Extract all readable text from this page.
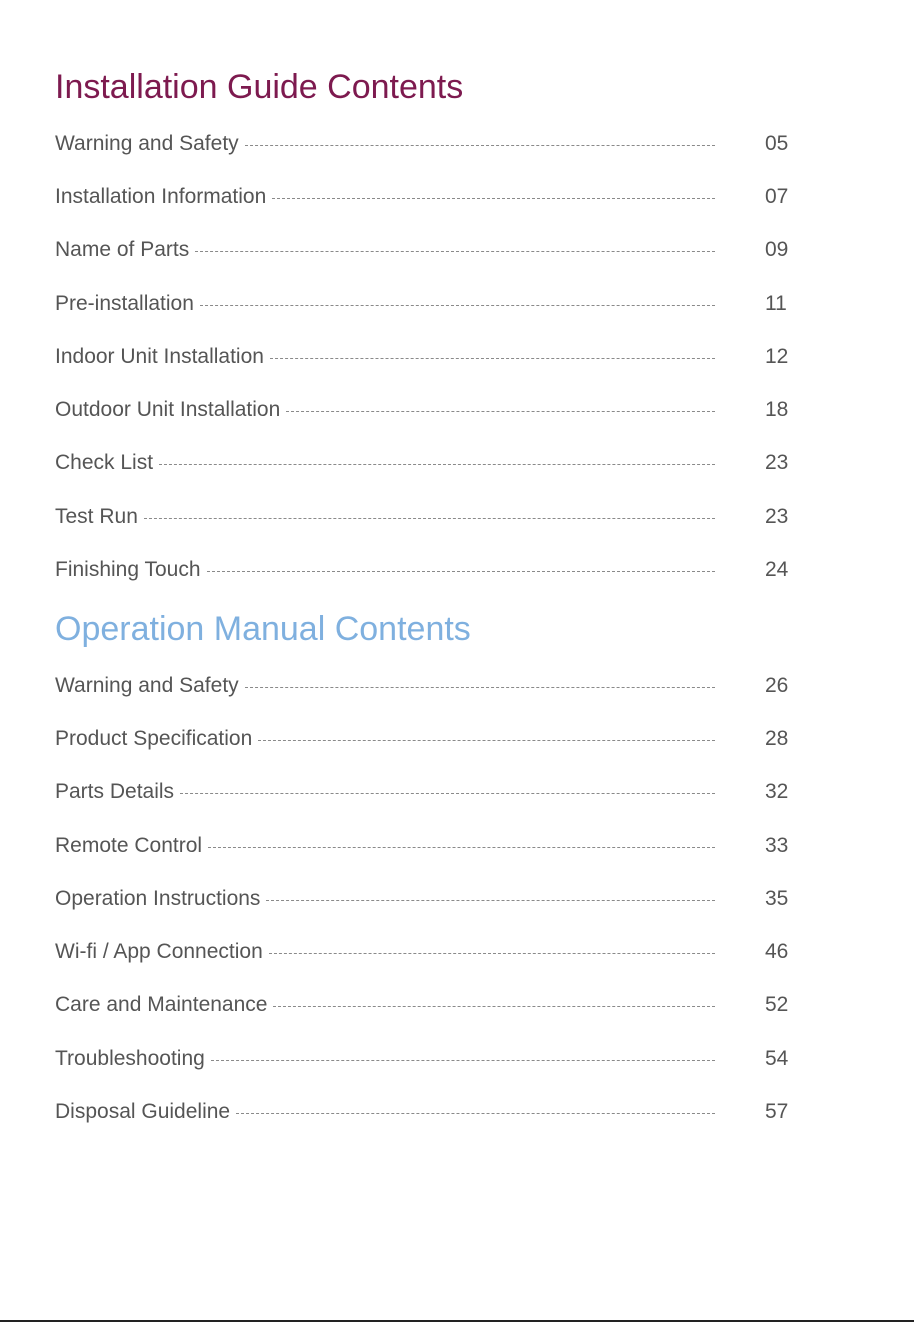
Installation Guide Contents
Warning and Safety	05
Installation Information	07
Name of Parts	09
Pre-installation	11
Indoor Unit Installation	12
Outdoor Unit Installation	18
Check List	23
Test Run	23
Finishing Touch	24
Operation Manual Contents
Warning and Safety	26
Product Specification	28
Parts Details	32
Remote Control	33
Operation Instructions	35
Wi-fi / App Connection	46
Care and Maintenance	52
Troubleshooting	54
Disposal Guideline	57
